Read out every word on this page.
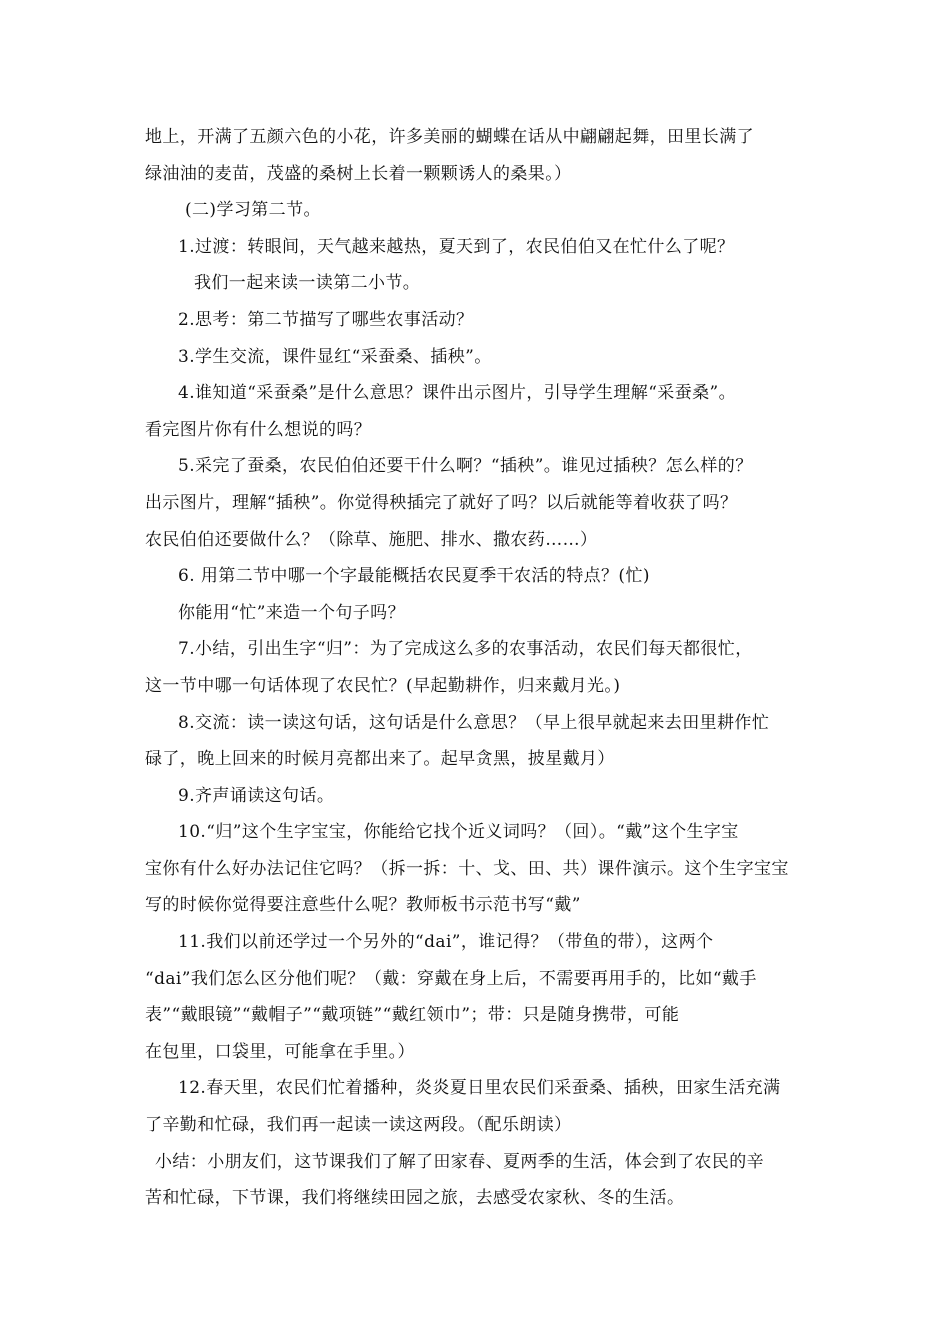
地上，开满了五颜六色的小花，许多美丽的蝴蝶在话从中翩翩起舞，田里长满了
绿油油的麦苗，茂盛的桑树上长着一颗颗诱人的桑果。）
(二)学习第二节。
1.过渡：转眼间，天气越来越热，夏天到了，农民伯伯又在忙什么了呢？
我们一起来读一读第二小节。
2.思考：第二节描写了哪些农事活动？
3.学生交流，课件显红“采蚕桑、插秧”。
4.谁知道“采蚕桑”是什么意思？课件出示图片，引导学生理解“采蚕桑”。
看完图片你有什么想说的吗？
5.采完了蚕桑，农民伯伯还要干什么啊？“插秧”。谁见过插秧？怎么样的？
出示图片，理解“插秧”。你觉得秧插完了就好了吗？以后就能等着收获了吗？
农民伯伯还要做什么？（除草、施肥、排水、撒农药……）
6. 用第二节中哪一个字最能概括农民夏季干农活的特点？(忙)
你能用“忙”来造一个句子吗？
7.小结，引出生字“归”：为了完成这么多的农事活动，农民们每天都很忙，
这一节中哪一句话体现了农民忙？(早起勤耕作，归来戴月光。)
8.交流：读一读这句话，这句话是什么意思？（早上很早就起来去田里耕作忙
碌了，晚上回来的时候月亮都出来了。起早贪黑，披星戴月）
9.齐声诵读这句话。
10.“归”这个生字宝宝，你能给它找个近义词吗？（回）。“戴”这个生字宝
宝你有什么好办法记住它吗？（拆一拆：十、戈、田、共）课件演示。这个生字宝宝
写的时候你觉得要注意些什么呢？教师板书示范书写“戴”
11.我们以前还学过一个另外的“dai”，谁记得？（带鱼的带），这两个
“dai”我们怎么区分他们呢？（戴：穿戴在身上后，不需要再用手的，比如“戴手
表”“戴眼镜”“戴帽子”“戴项链”“戴红领巾”；带：只是随身携带，可能
在包里，口袋里，可能拿在手里。）
12.春天里，农民们忙着播种，炎炎夏日里农民们采蚕桑、插秧，田家生活充满
了辛勤和忙碌，我们再一起读一读这两段。（配乐朗读）
小结：小朋友们，这节课我们了解了田家春、夏两季的生活，体会到了农民的辛
苦和忙碌，下节课，我们将继续田园之旅，去感受农家秋、冬的生活。
